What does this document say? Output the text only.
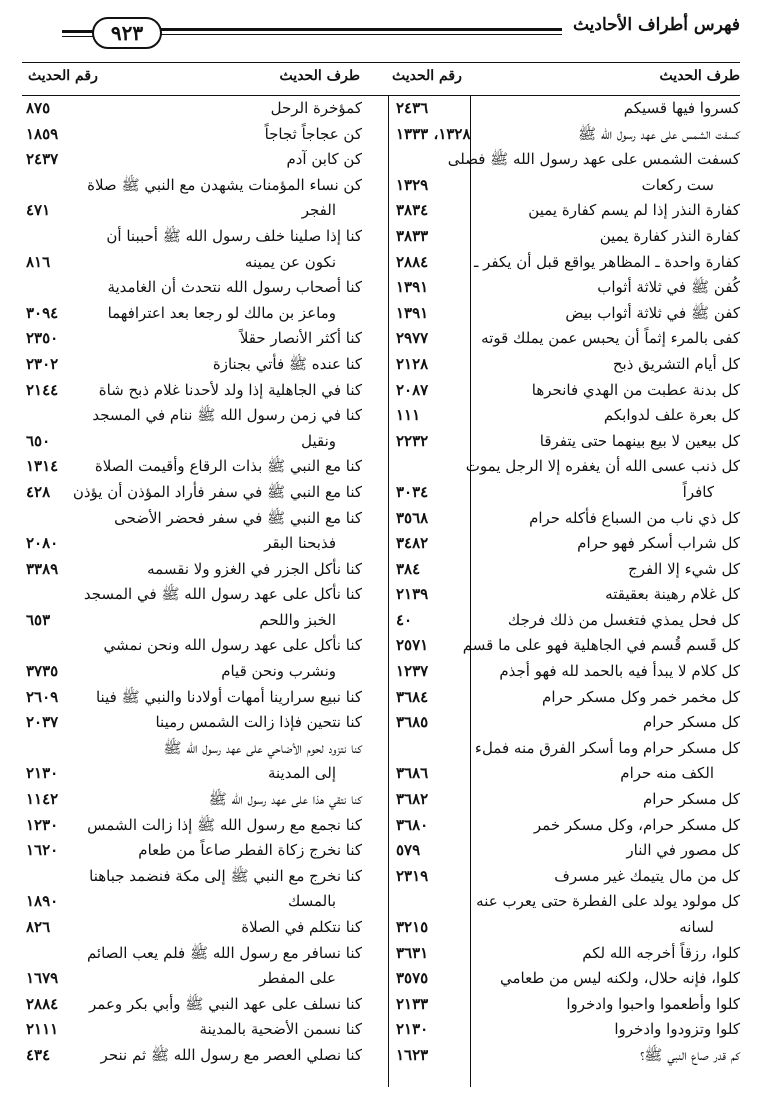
فهرس أطراف الأحاديث
٩٢٣
طرف الحديث
رقم الحديث
طرف الحديث
رقم الحديث
كسروا فيها قسيكم
٢٤٣٦
كسفت الشمس على عهد رسول الله ﷺ
١٣٢٨، ١٣٣٣
كسفت الشمس على عهد رسول الله ﷺ فصلى
ست ركعات
١٣٢٩
كفارة النذر إذا لم يسم كفارة يمين
٣٨٣٤
كفارة النذر كفارة يمين
٣٨٣٣
كفارة واحدة ـ المظاهر يواقع قبل أن يكفر ـ
٢٨٨٤
كُفن ﷺ في ثلاثة أثواب
١٣٩١
كفن ﷺ في ثلاثة أثواب بيض
١٣٩١
كفى بالمرء إثماً أن يحبس عمن يملك قوته
٢٩٧٧
كل أيام التشريق ذبح
٢١٢٨
كل بدنة عطبت من الهدي فانحرها
٢٠٨٧
كل بعرة علف لدوابكم
١١١
كل بيعين لا بيع بينهما حتى يتفرقا
٢٢٣٢
كل ذنب عسى الله أن يغفره إلا الرجل يموت
كافراً
٣٠٣٤
كل ذي ناب من السباع فأكله حرام
٣٥٦٨
كل شراب أسكر فهو حرام
٣٤٨٢
كل شيء إلا الفرج
٣٨٤
كل غلام رهينة بعقيقته
٢١٣٩
كل فحل يمذي فتغسل من ذلك فرجك
٤٠
كل قَسم قُسم في الجاهلية فهو على ما قسم
٢٥٧١
كل كلام لا يبدأ فيه بالحمد لله فهو أجذم
١٢٣٧
كل مخمر خمر وكل مسكر حرام
٣٦٨٤
كل مسكر حرام
٣٦٨٥
كل مسكر حرام وما أسكر الفرق منه فملء
الكف منه حرام
٣٦٨٦
كل مسكر حرام
٣٦٨٢
كل مسكر حرام، وكل مسكر خمر
٣٦٨٠
كل مصور في النار
٥٧٩
كل من مال يتيمك غير مسرف
٢٣١٩
كل مولود يولد على الفطرة حتى يعرب عنه
لسانه
٣٢١٥
كلوا، رزقاً أخرجه الله لكم
٣٦٣١
كلوا، فإنه حلال، ولكنه ليس من طعامي
٣٥٧٥
كلوا وأطعموا واحبوا وادخروا
٢١٣٣
كلوا وتزودوا وادخروا
٢١٣٠
كم قدر صاع النبي ﷺ؟
١٦٢٣
كمؤخرة الرحل
٨٧٥
كن عجاجاً ثجاجاً
١٨٥٩
كن كابن آدم
٢٤٣٧
كن نساء المؤمنات يشهدن مع النبي ﷺ صلاة
الفجر
٤٧١
كنا إذا صلينا خلف رسول الله ﷺ أحببنا أن
نكون عن يمينه
٨١٦
كنا أصحاب رسول الله نتحدث أن الغامدية
وماعز بن مالك لو رجعا بعد اعترافهما
٣٠٩٤
كنا أكثر الأنصار حقلاً
٢٣٥٠
كنا عنده ﷺ فأتي بجنازة
٢٣٠٢
كنا في الجاهلية إذا ولد لأحدنا غلام ذبح شاة
٢١٤٤
كنا في زمن رسول الله ﷺ ننام في المسجد
ونقيل
٦٥٠
كنا مع النبي ﷺ بذات الرقاع وأقيمت الصلاة
١٣١٤
كنا مع النبي ﷺ في سفر فأراد المؤذن أن يؤذن
٤٢٨
كنا مع النبي ﷺ في سفر فحضر الأضحى
فذبحنا البقر
٢٠٨٠
كنا نأكل الجزر في الغزو ولا نقسمه
٣٣٨٩
كنا نأكل على عهد رسول الله ﷺ في المسجد
الخبز واللحم
٦٥٣
كنا نأكل على عهد رسول الله ونحن نمشي
ونشرب ونحن قيام
٣٧٣٥
كنا نبيع سرارينا أمهات أولادنا والنبي ﷺ فينا
٢٦٠٩
كنا نتحين فإذا زالت الشمس رمينا
٢٠٣٧
كنا نتزود لحوم الأضاحي على عهد رسول الله ﷺ
إلى المدينة
٢١٣٠
كنا نتقي هذا على عهد رسول الله ﷺ
١١٤٢
كنا نجمع مع رسول الله ﷺ إذا زالت الشمس
١٢٣٠
كنا نخرج زكاة الفطر صاعاً من طعام
١٦٢٠
كنا نخرج مع النبي ﷺ إلى مكة فنضمد جباهنا
بالمسك
١٨٩٠
كنا نتكلم في الصلاة
٨٢٦
كنا نسافر مع رسول الله ﷺ فلم يعب الصائم
على المفطر
١٦٧٩
كنا نسلف على عهد النبي ﷺ وأبي بكر وعمر
٢٨٨٤
كنا نسمن الأضحية بالمدينة
٢١١١
كنا نصلي العصر مع رسول الله ﷺ ثم ننحر
٤٣٤
